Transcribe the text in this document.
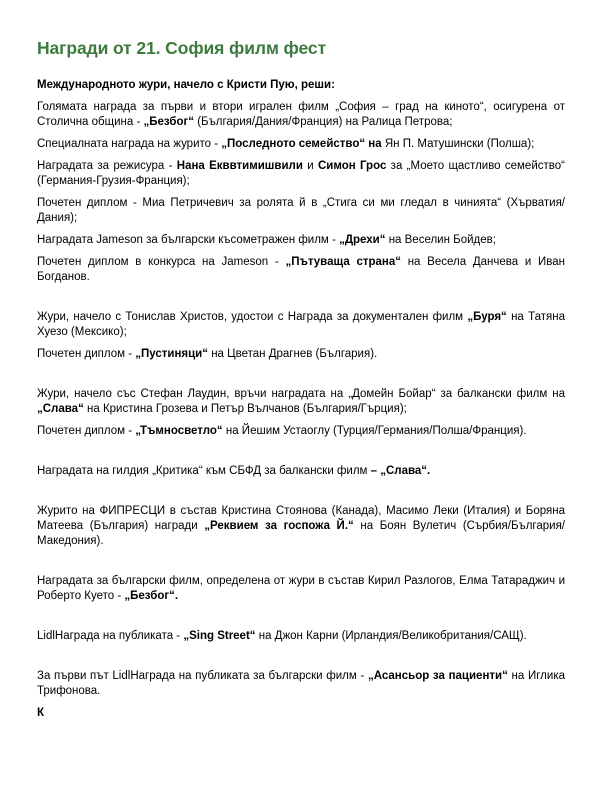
Награди от 21. София филм фест

Международното жури, начело с Кристи Пую, реши:

Голямата награда за първи и втори игрален филм „София – град на киното“, осигурена от Столична община - „Безбог“ (България/Дания/Франция) на Ралица Петрова;

Специалната награда на журито - „Последното семейство“ на Ян П. Матушински (Полша);

Наградата за режисура - Нана Екввтимишвили и Симон Грос за „Моето щастливо семейство“ (Германия-Грузия-Франция);

Почетен диплом - Миа Петричевич за ролята й в „Стига си ми гледал в чинията“ (Хърватия/Дания);

Наградата Jameson за български късометражен филм - „Дрехи“ на Веселин Бойдев;

Почетен диплом в конкурса на Jameson - „Пътуваща страна“ на Весела Данчева и Иван Богданов.

Жури, начело с Тонислав Христов, удостои с Награда за документален филм „Буря“ на Татяна Хуезо (Мексико);

Почетен диплом - „Пустиняци“ на Цветан Драгнев (България).

Жури, начело със Стефан Лаудин, връчи наградата на „Домейн Бойар“ за балкански филм на „Слава“ на Кристина Грозева и Петър Вълчанов (България/Гърция);

Почетен диплом - „Тъмносветло“ на Йешим Устаоглу (Турция/Германия/Полша/Франция).

Наградата на гилдия „Критика“ към СБФД за балкански филм – „Слава“.

Журито на ФИПРЕСЦИ в състав Кристина Стоянова (Канада), Масимо Леки (Италия) и Боряна Матеева (България) награди „Реквием за госпожа Й.“ на Боян Вулетич (Сърбия/България/Македония).

Наградата за български филм, определена от жури в състав Кирил Разлогов, Елма Татараджич и Роберто Куето - „Безбог“.

LidlНаграда на публиката - „Sing Street“ на Джон Карни (Ирландия/Великобритания/САЩ).

За първи път LidlНаграда на публиката за български филм - „Асансьор за пациенти“ на Иглика Трифонова.

К
